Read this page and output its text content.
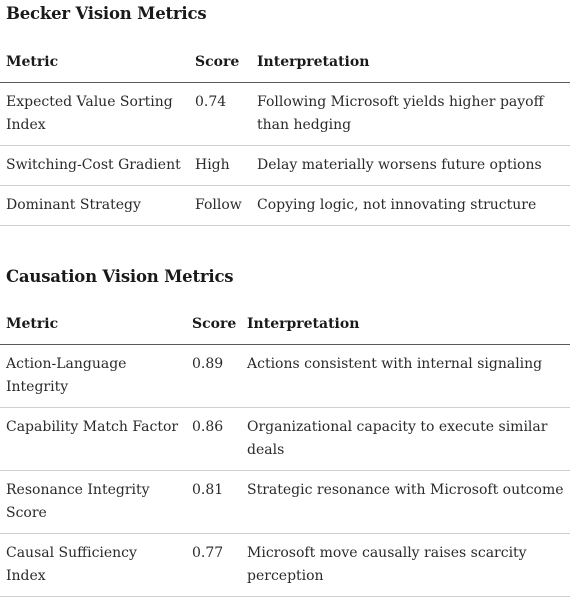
Becker Vision Metrics
Metric	Score	Interpretation
Expected Value Sorting Index	0.74	Following Microsoft yields higher payoff than hedging
Switching-Cost Gradient	High	Delay materially worsens future options
Dominant Strategy	Follow	Copying logic, not innovating structure
Causation Vision Metrics
Metric	Score	Interpretation
Action-Language Integrity	0.89	Actions consistent with internal signaling
Capability Match Factor	0.86	Organizational capacity to execute similar deals
Resonance Integrity Score	0.81	Strategic resonance with Microsoft outcome
Causal Sufficiency Index	0.77	Microsoft move causally raises scarcity perception
